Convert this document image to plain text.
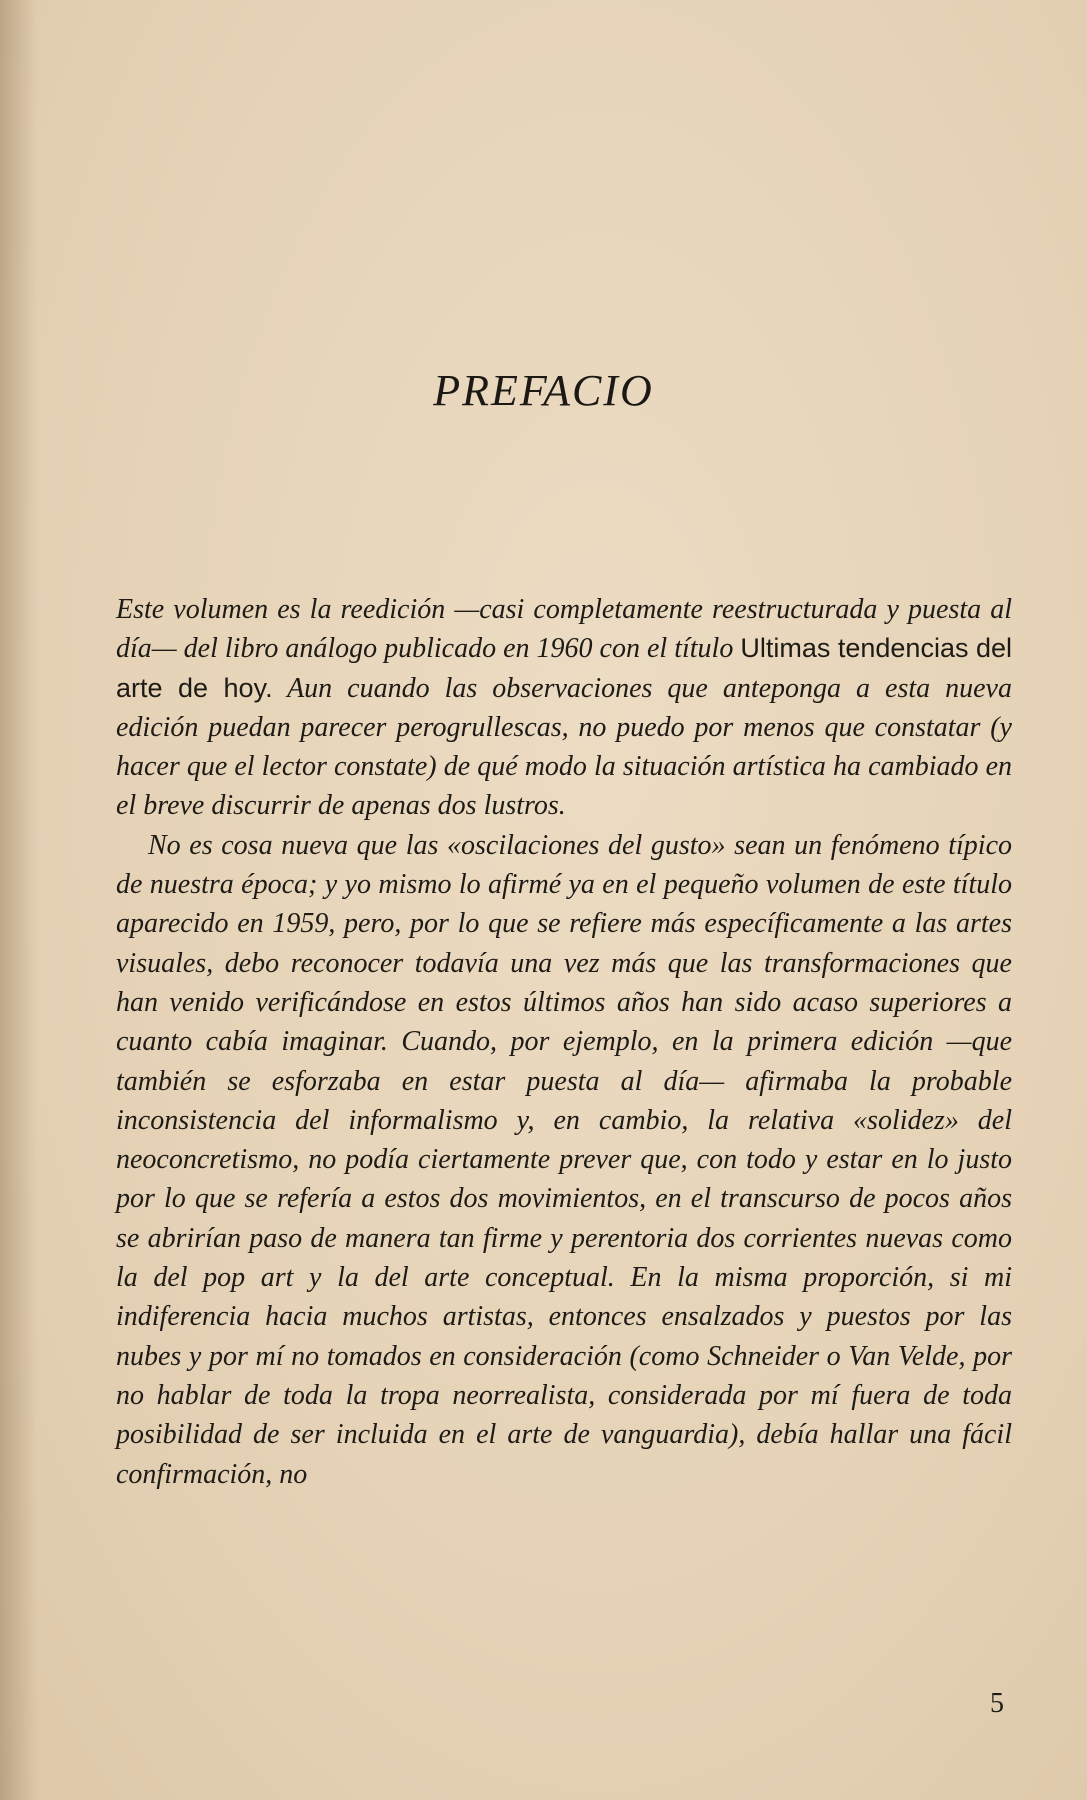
PREFACIO

Este volumen es la reedición —casi completamente reestructurada y puesta al día— del libro análogo publicado en 1960 con el título Ultimas tendencias del arte de hoy. Aun cuando las observaciones que anteponga a esta nueva edición puedan parecer perogrullescas, no puedo por menos que constatar (y hacer que el lector constate) de qué modo la situación artística ha cambiado en el breve discurrir de apenas dos lustros.

No es cosa nueva que las «oscilaciones del gusto» sean un fenómeno típico de nuestra época; y yo mismo lo afirmé ya en el pequeño volumen de este título aparecido en 1959, pero, por lo que se refiere más específicamente a las artes visuales, debo reconocer todavía una vez más que las transformaciones que han venido verificándose en estos últimos años han sido acaso superiores a cuanto cabía imaginar. Cuando, por ejemplo, en la primera edición —que también se esforzaba en estar puesta al día— afirmaba la probable inconsistencia del informalismo y, en cambio, la relativa «solidez» del neoconcretismo, no podía ciertamente prever que, con todo y estar en lo justo por lo que se refería a estos dos movimientos, en el transcurso de pocos años se abrirían paso de manera tan firme y perentoria dos corrientes nuevas como la del pop art y la del arte conceptual. En la misma proporción, si mi indiferencia hacia muchos artistas, entonces ensalzados y puestos por las nubes y por mí no tomados en consideración (como Schneider o Van Velde, por no hablar de toda la tropa neorrealista, considerada por mí fuera de toda posibilidad de ser incluida en el arte de vanguardia), debía hallar una fácil confirmación, no

5
